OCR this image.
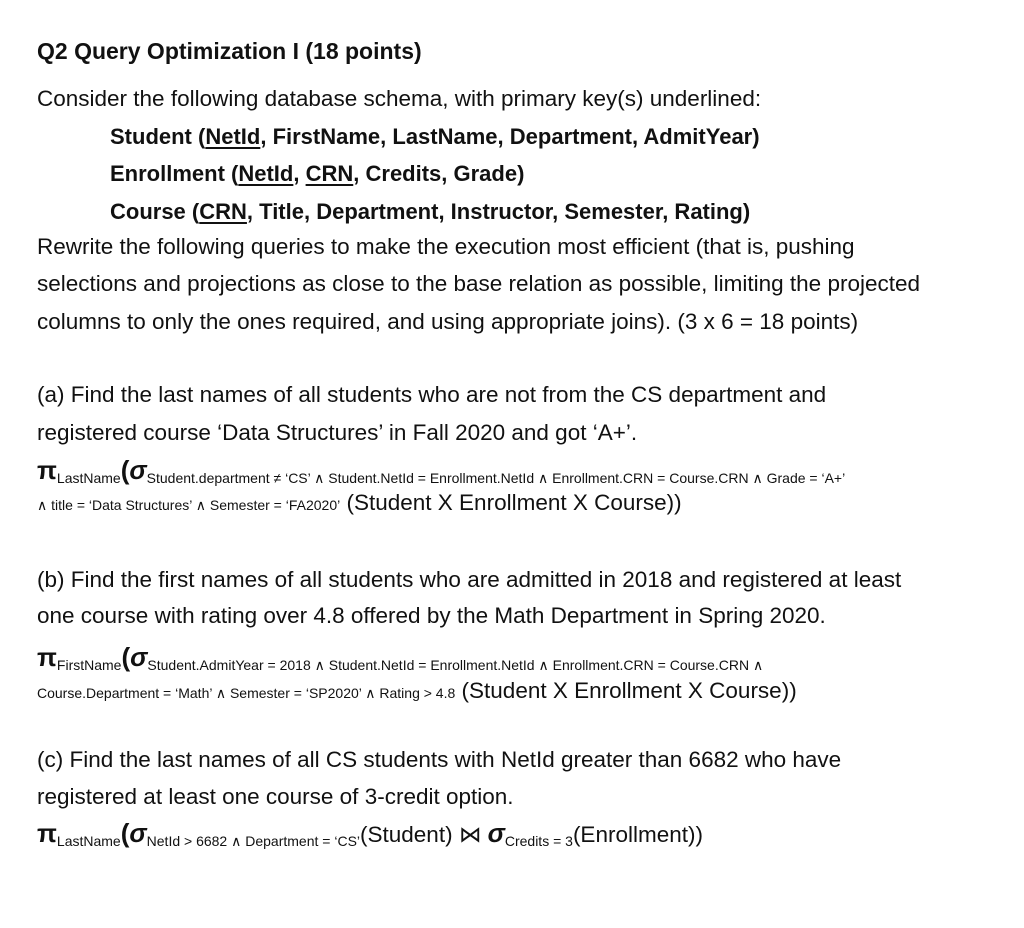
Q2 Query Optimization I (18 points)
Consider the following database schema, with primary key(s) underlined:
Student (NetId, FirstName, LastName, Department, AdmitYear)
Enrollment (NetId, CRN, Credits, Grade)
Course (CRN, Title, Department, Instructor, Semester, Rating)
Rewrite the following queries to make the execution most efficient (that is, pushing
selections and projections as close to the base relation as possible, limiting the projected
columns to only the ones required, and using appropriate joins). (3 x 6 = 18 points)
(a) Find the last names of all students who are not from the CS department and
registered course ‘Data Structures’ in Fall 2020 and got ‘A+’.
$\pi_{LastName}(\sigma_{Student.department \ne ‘CS’ \wedge Student.NetId = Enrollment.NetId \wedge Enrollment.CRN = Course.CRN \wedge Grade = ‘A+’}$
∧ title = ‘Data Structures’ ∧ Semester = ‘FA2020’ (Student X Enrollment X Course))
(b) Find the first names of all students who are admitted in 2018 and registered at least
one course with rating over 4.8 offered by the Math Department in Spring 2020.
$\pi_{FirstName}(\sigma_{Student.AdmitYear = 2018 \wedge Student.NetId = Enrollment.NetId \wedge Enrollment.CRN = Course.CRN \wedge}$
Course.Department = ‘Math’ ∧ Semester = ‘SP2020’ ∧ Rating > 4.8 (Student X Enrollment X Course))
(c) Find the last names of all CS students with NetId greater than 6682 who have
registered at least one course of 3-credit option.
$\pi_{LastName}(\sigma_{NetId > 6682 \wedge Department = ‘CS’}(Student)$ ⋈ $\sigma_{Credits = 3}(Enrollment)$)
